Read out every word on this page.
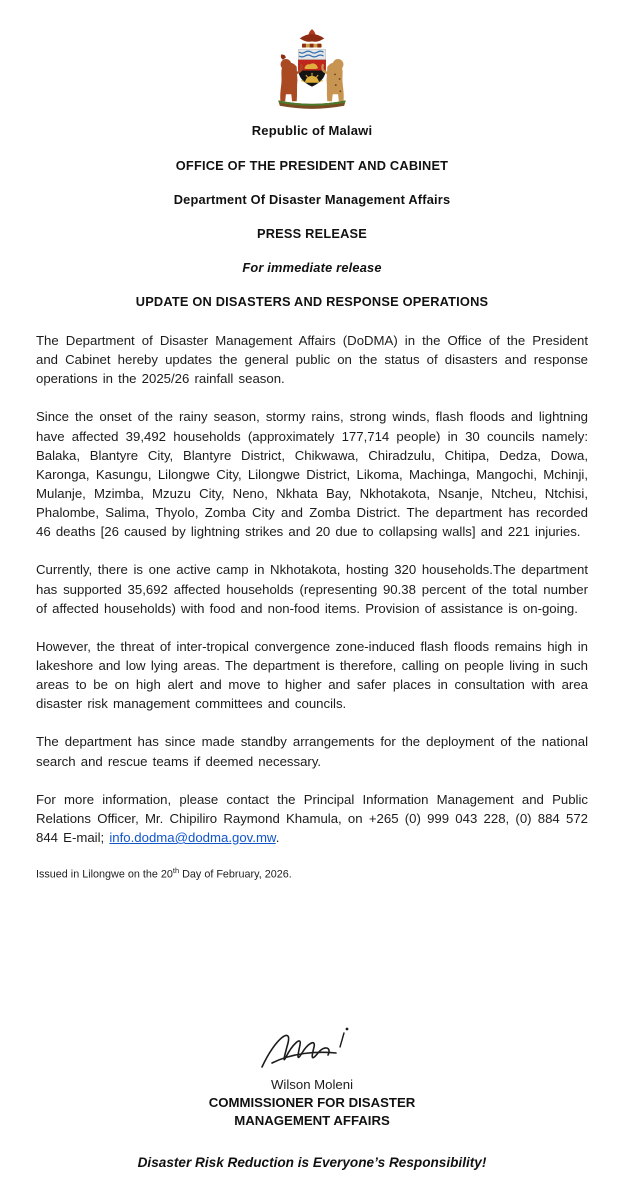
Republic of Malawi
OFFICE OF THE PRESIDENT AND CABINET
Department Of Disaster Management Affairs
PRESS RELEASE
For immediate release
UPDATE ON DISASTERS AND RESPONSE OPERATIONS

The Department of Disaster Management Affairs (DoDMA) in the Office of the President and Cabinet hereby updates the general public on the status of disasters and response operations in the 2025/26 rainfall season.

Since the onset of the rainy season, stormy rains, strong winds, flash floods and lightning have affected 39,492 households (approximately 177,714 people) in 30 councils namely: Balaka, Blantyre City, Blantyre District, Chikwawa, Chiradzulu, Chitipa, Dedza, Dowa, Karonga, Kasungu, Lilongwe City, Lilongwe District, Likoma, Machinga, Mangochi, Mchinji, Mulanje, Mzimba, Mzuzu City, Neno, Nkhata Bay, Nkhotakota, Nsanje, Ntcheu, Ntchisi, Phalombe, Salima, Thyolo, Zomba City and Zomba District. The department has recorded 46 deaths [26 caused by lightning strikes and 20 due to collapsing walls] and 221 injuries.

Currently, there is one active camp in Nkhotakota, hosting 320 households.The department has supported 35,692 affected households (representing 90.38 percent of the total number of affected households) with food and non-food items. Provision of assistance is on-going.

However, the threat of inter-tropical convergence zone-induced flash floods remains high in lakeshore and low lying areas. The department is therefore, calling on people living in such areas to be on high alert and move to higher and safer places in consultation with area disaster risk management committees and councils.

The department has since made standby arrangements for the deployment of the national search and rescue teams if deemed necessary.

For more information, please contact the Principal Information Management and Public Relations Officer, Mr. Chipiliro Raymond Khamula, on +265 (0) 999 043 228, (0) 884 572 844 E-mail; info.dodma@dodma.gov.mw.

Issued in Lilongwe on the 20th Day of February, 2026.

Wilson Moleni
COMMISSIONER FOR DISASTER MANAGEMENT AFFAIRS
Disaster Risk Reduction is Everyone’s Responsibility!
